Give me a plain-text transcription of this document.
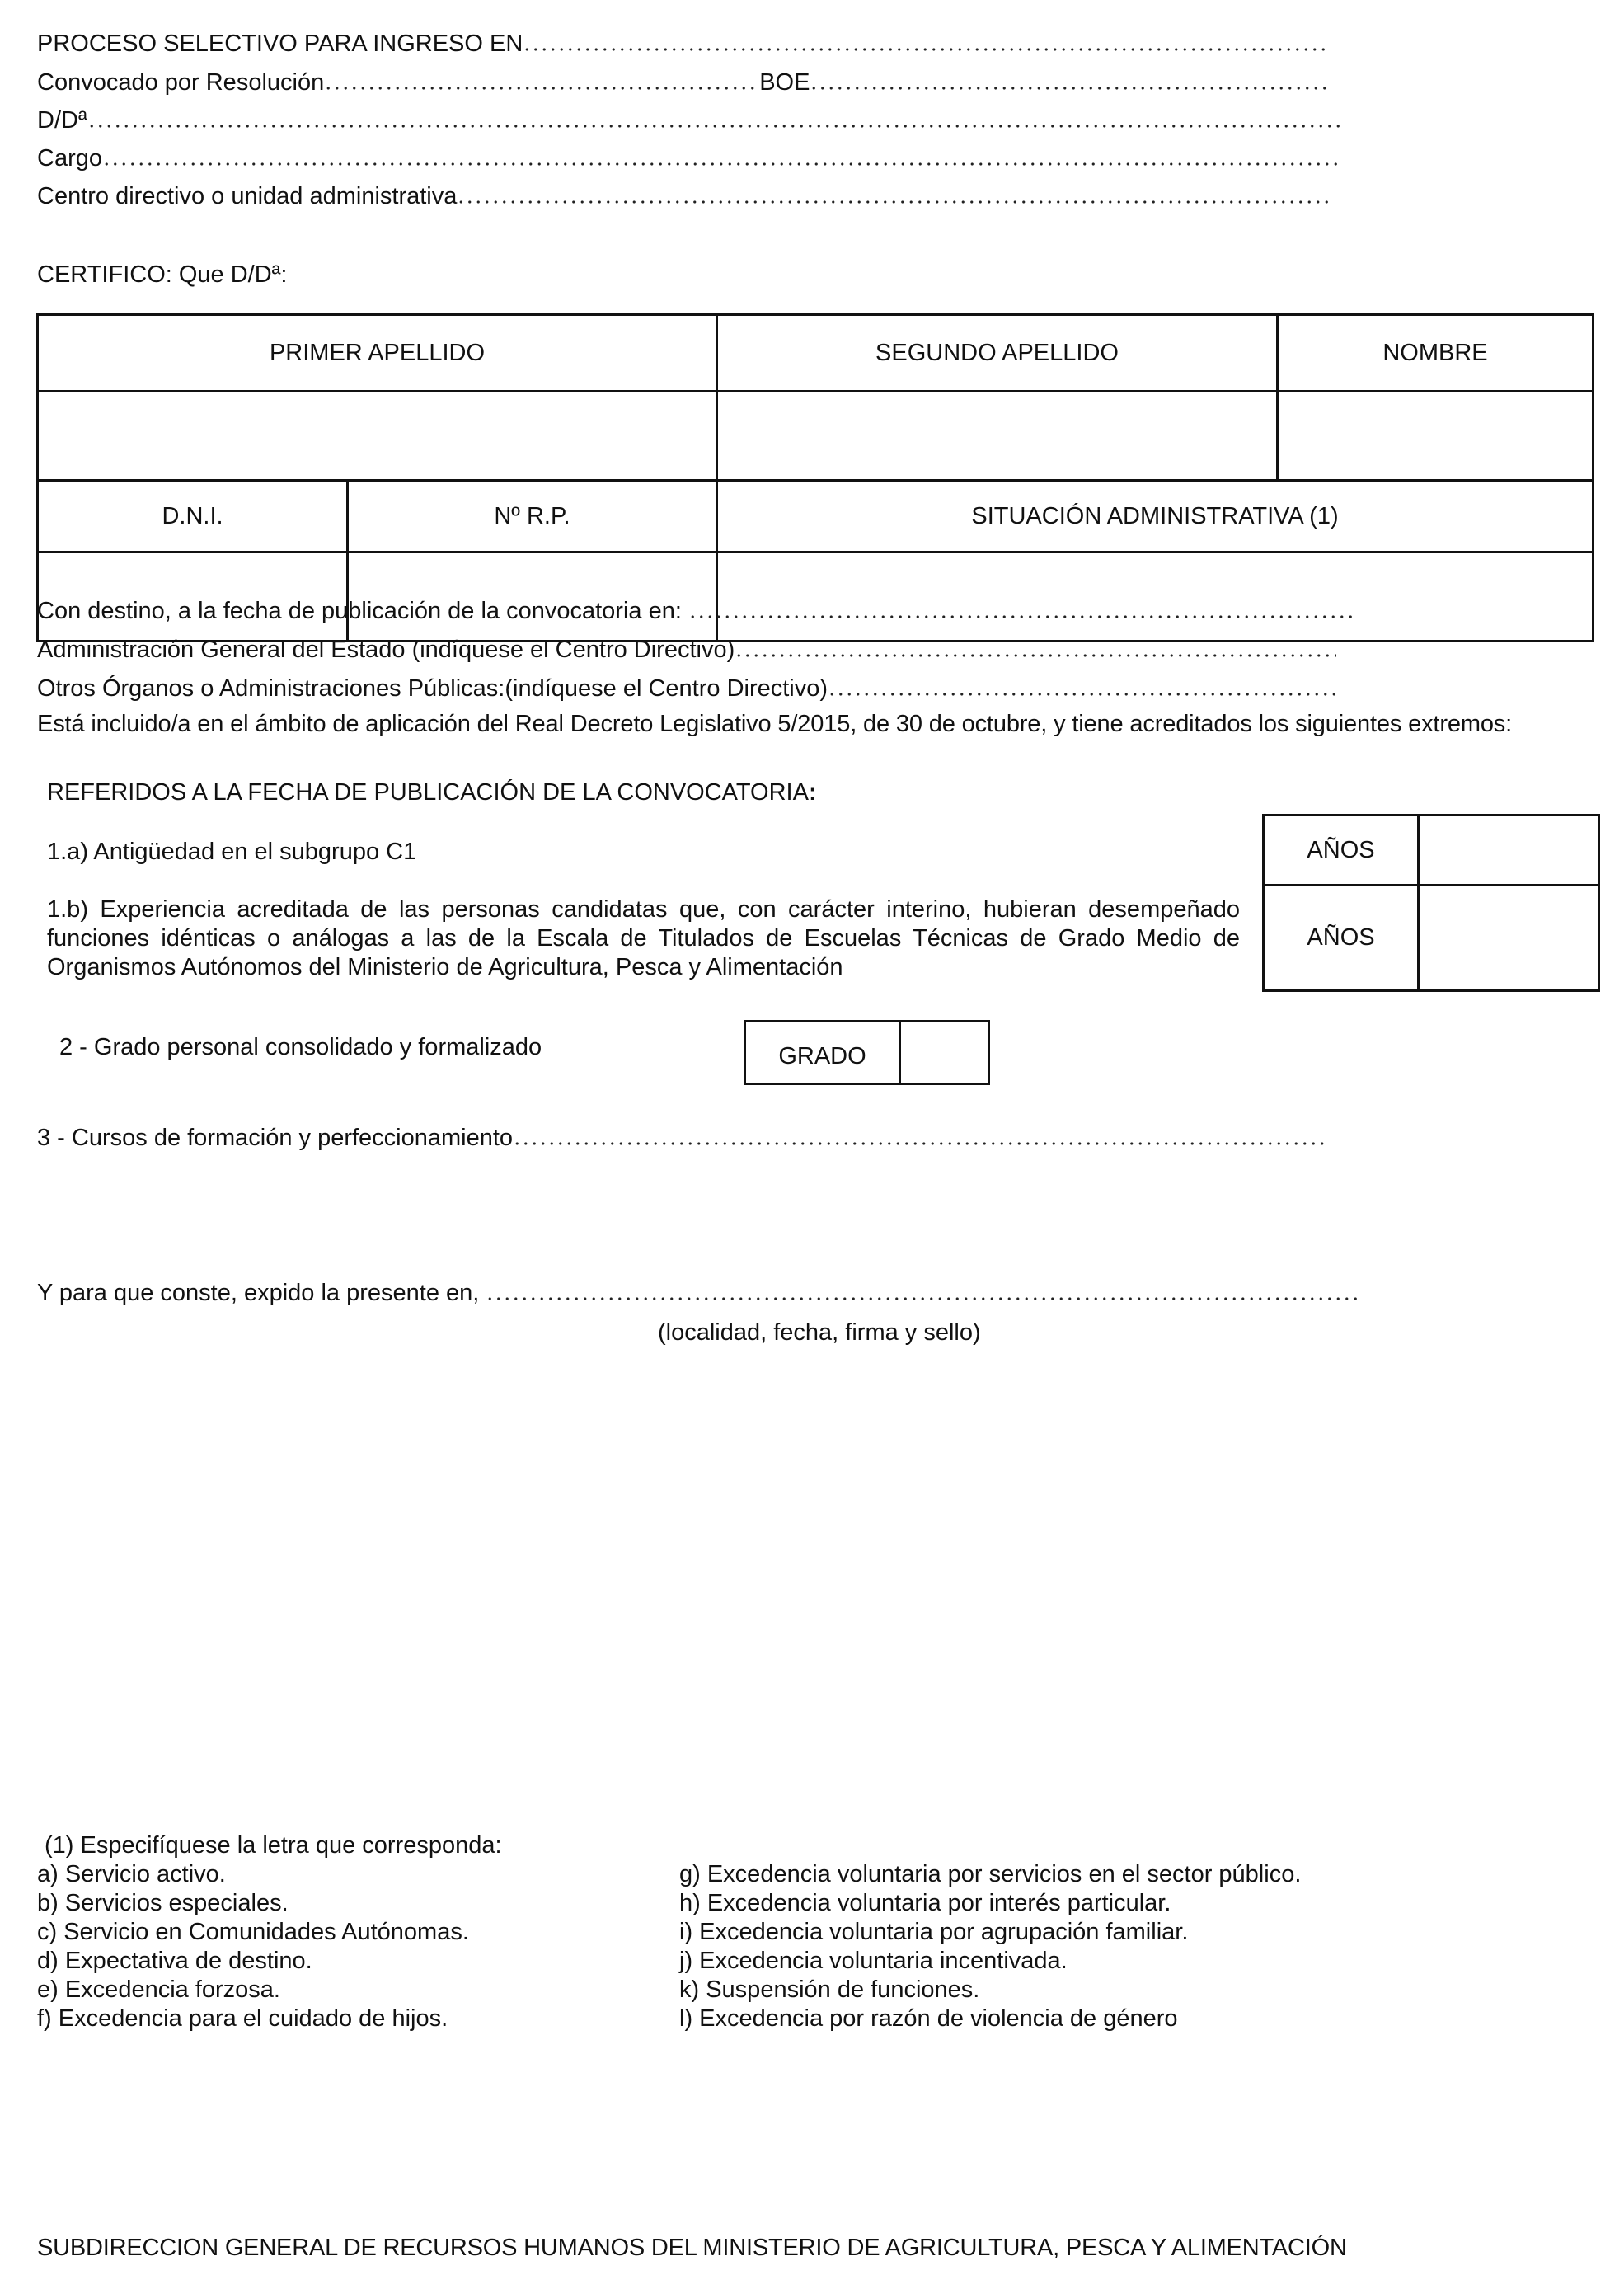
PROCESO SELECTIVO PARA INGRESO EN
Convocado por Resolución	BOE
D/Dª
Cargo
Centro directivo o unidad administrativa
CERTIFICO: Que D/Dª:
PRIMER APELLIDO		SEGUNDO APELLIDO	NOMBRE

D.N.I.	Nº R.P.	SITUACIÓN ADMINISTRATIVA (1)	

Con destino, a la fecha de publicación de la convocatoria en:
Administración General del Estado (indíquese el Centro Directivo)
Otros Órganos o Administraciones Públicas:(indíquese el Centro Directivo)
Está incluido/a en el ámbito de aplicación del Real Decreto Legislativo 5/2015, de 30 de octubre, y tiene acreditados los siguientes extremos:
REFERIDOS A LA FECHA DE PUBLICACIÓN DE LA CONVOCATORIA:
1.a) Antigüedad en el subgrupo C1
1.b) Experiencia acreditada de las personas candidatas que, con carácter interino, hubieran desempeñado funciones idénticas o análogas a las de la Escala de Titulados de Escuelas Técnicas de Grado Medio de Organismos Autónomos del Ministerio de Agricultura, Pesca y Alimentación
AÑOS	
AÑOS	
2 - Grado personal consolidado y formalizado	GRADO	
3 - Cursos de formación y perfeccionamiento
Y para que conste, expido la presente en,
(localidad, fecha, firma y sello)
(1) Especifíquese la letra que corresponda:
a) Servicio activo.
b) Servicios especiales.
c) Servicio en Comunidades Autónomas.
d) Expectativa de destino.
e) Excedencia forzosa.
f) Excedencia para el cuidado de hijos.
g) Excedencia voluntaria por servicios en el sector público.
h) Excedencia voluntaria por interés particular.
i) Excedencia voluntaria por agrupación familiar.
j) Excedencia voluntaria incentivada.
k) Suspensión de funciones.
l) Excedencia por razón de violencia de género
SUBDIRECCION GENERAL DE RECURSOS HUMANOS DEL MINISTERIO DE AGRICULTURA, PESCA Y ALIMENTACIÓN
